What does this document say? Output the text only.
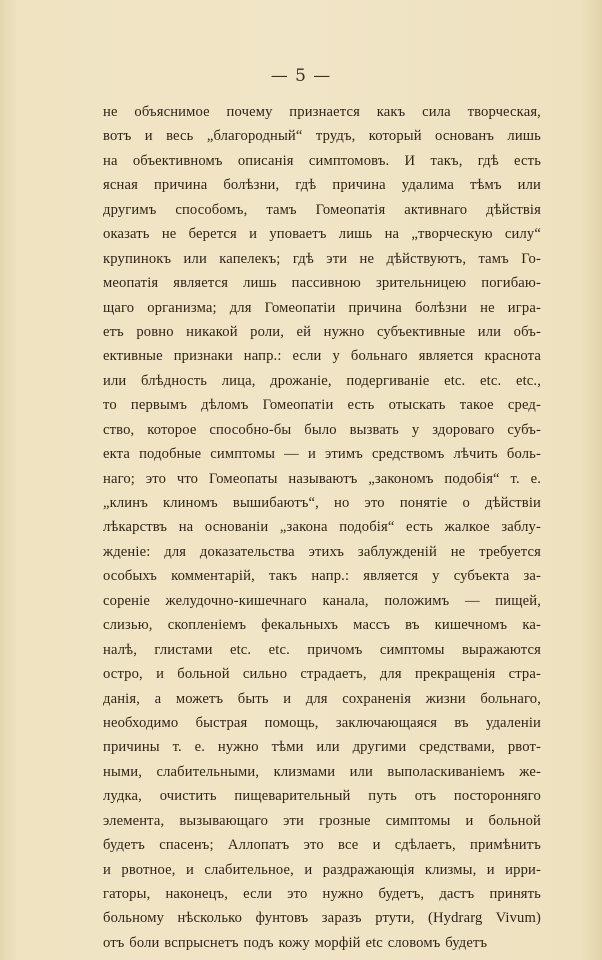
— 5 —
не объяснимое почему признается какъ сила творческая,
вотъ и весь „благородный“ трудъ, который основанъ лишь
на объективномъ описанія симптомовъ. И такъ, гдѣ есть
ясная причина болѣзни, гдѣ причина удалима тѣмъ или
другимъ способомъ, тамъ Гомеопатія активнаго дѣйствія
оказать не берется и уповаетъ лишь на „творческую силу“
крупинокъ или капелекъ; гдѣ эти не дѣйствуютъ, тамъ Го-
меопатія является лишь пассивною зрительницею погибаю-
щаго организма; для Гомеопатіи причина болѣзни не игра-
етъ ровно никакой роли, ей нужно субъективные или объ-
ективные признаки напр.: если у больнаго является краснота
или блѣдность лица, дрожаніе, подергиваніе etc. etc. etc.,
то первымъ дѣломъ Гомеопатіи есть отыскать такое сред-
ство, которое способно-бы было вызвать у здороваго субъ-
екта подобные симптомы — и этимъ средствомъ лѣчить боль-
наго; это что Гомеопаты называютъ „закономъ подобія“ т. е.
„клинъ клиномъ вышибаютъ“, но это понятіе о дѣйствіи
лѣкарствъ на основаніи „закона подобія“ есть жалкое заблу-
жденіе: для доказательства этихъ заблужденій не требуется
особыхъ комментарій, такъ напр.: является у субъекта за-
сореніе желудочно-кишечнаго канала, положимъ — пищей,
слизью, скопленіемъ фекальныхъ массъ въ кишечномъ ка-
налѣ, глистами etc. etc. причомъ симптомы выражаются
остро, и больной сильно страдаетъ, для прекращенія стра-
данія, а можетъ быть и для сохраненія жизни больнаго,
необходимо быстрая помощь, заключающаяся въ удаленіи
причины т. е. нужно тѣми или другими средствами, рвот-
ными, слабительными, клизмами или выполаскиваніемъ же-
лудка, очистить пищеварительный путь отъ посторонняго
элемента, вызывающаго эти грозные симптомы и больной
будетъ спасенъ; Аллопатъ это все и сдѣлаетъ, примѣнитъ
и рвотное, и слабительное, и раздражающія клизмы, и ирри-
гаторы, наконецъ, если это нужно будетъ, дастъ принять
больному нѣсколько фунтовъ заразъ ртути, (Hydrarg Vivum)
отъ боли вспрыснетъ подъ кожу морфій etc словомъ будетъ
